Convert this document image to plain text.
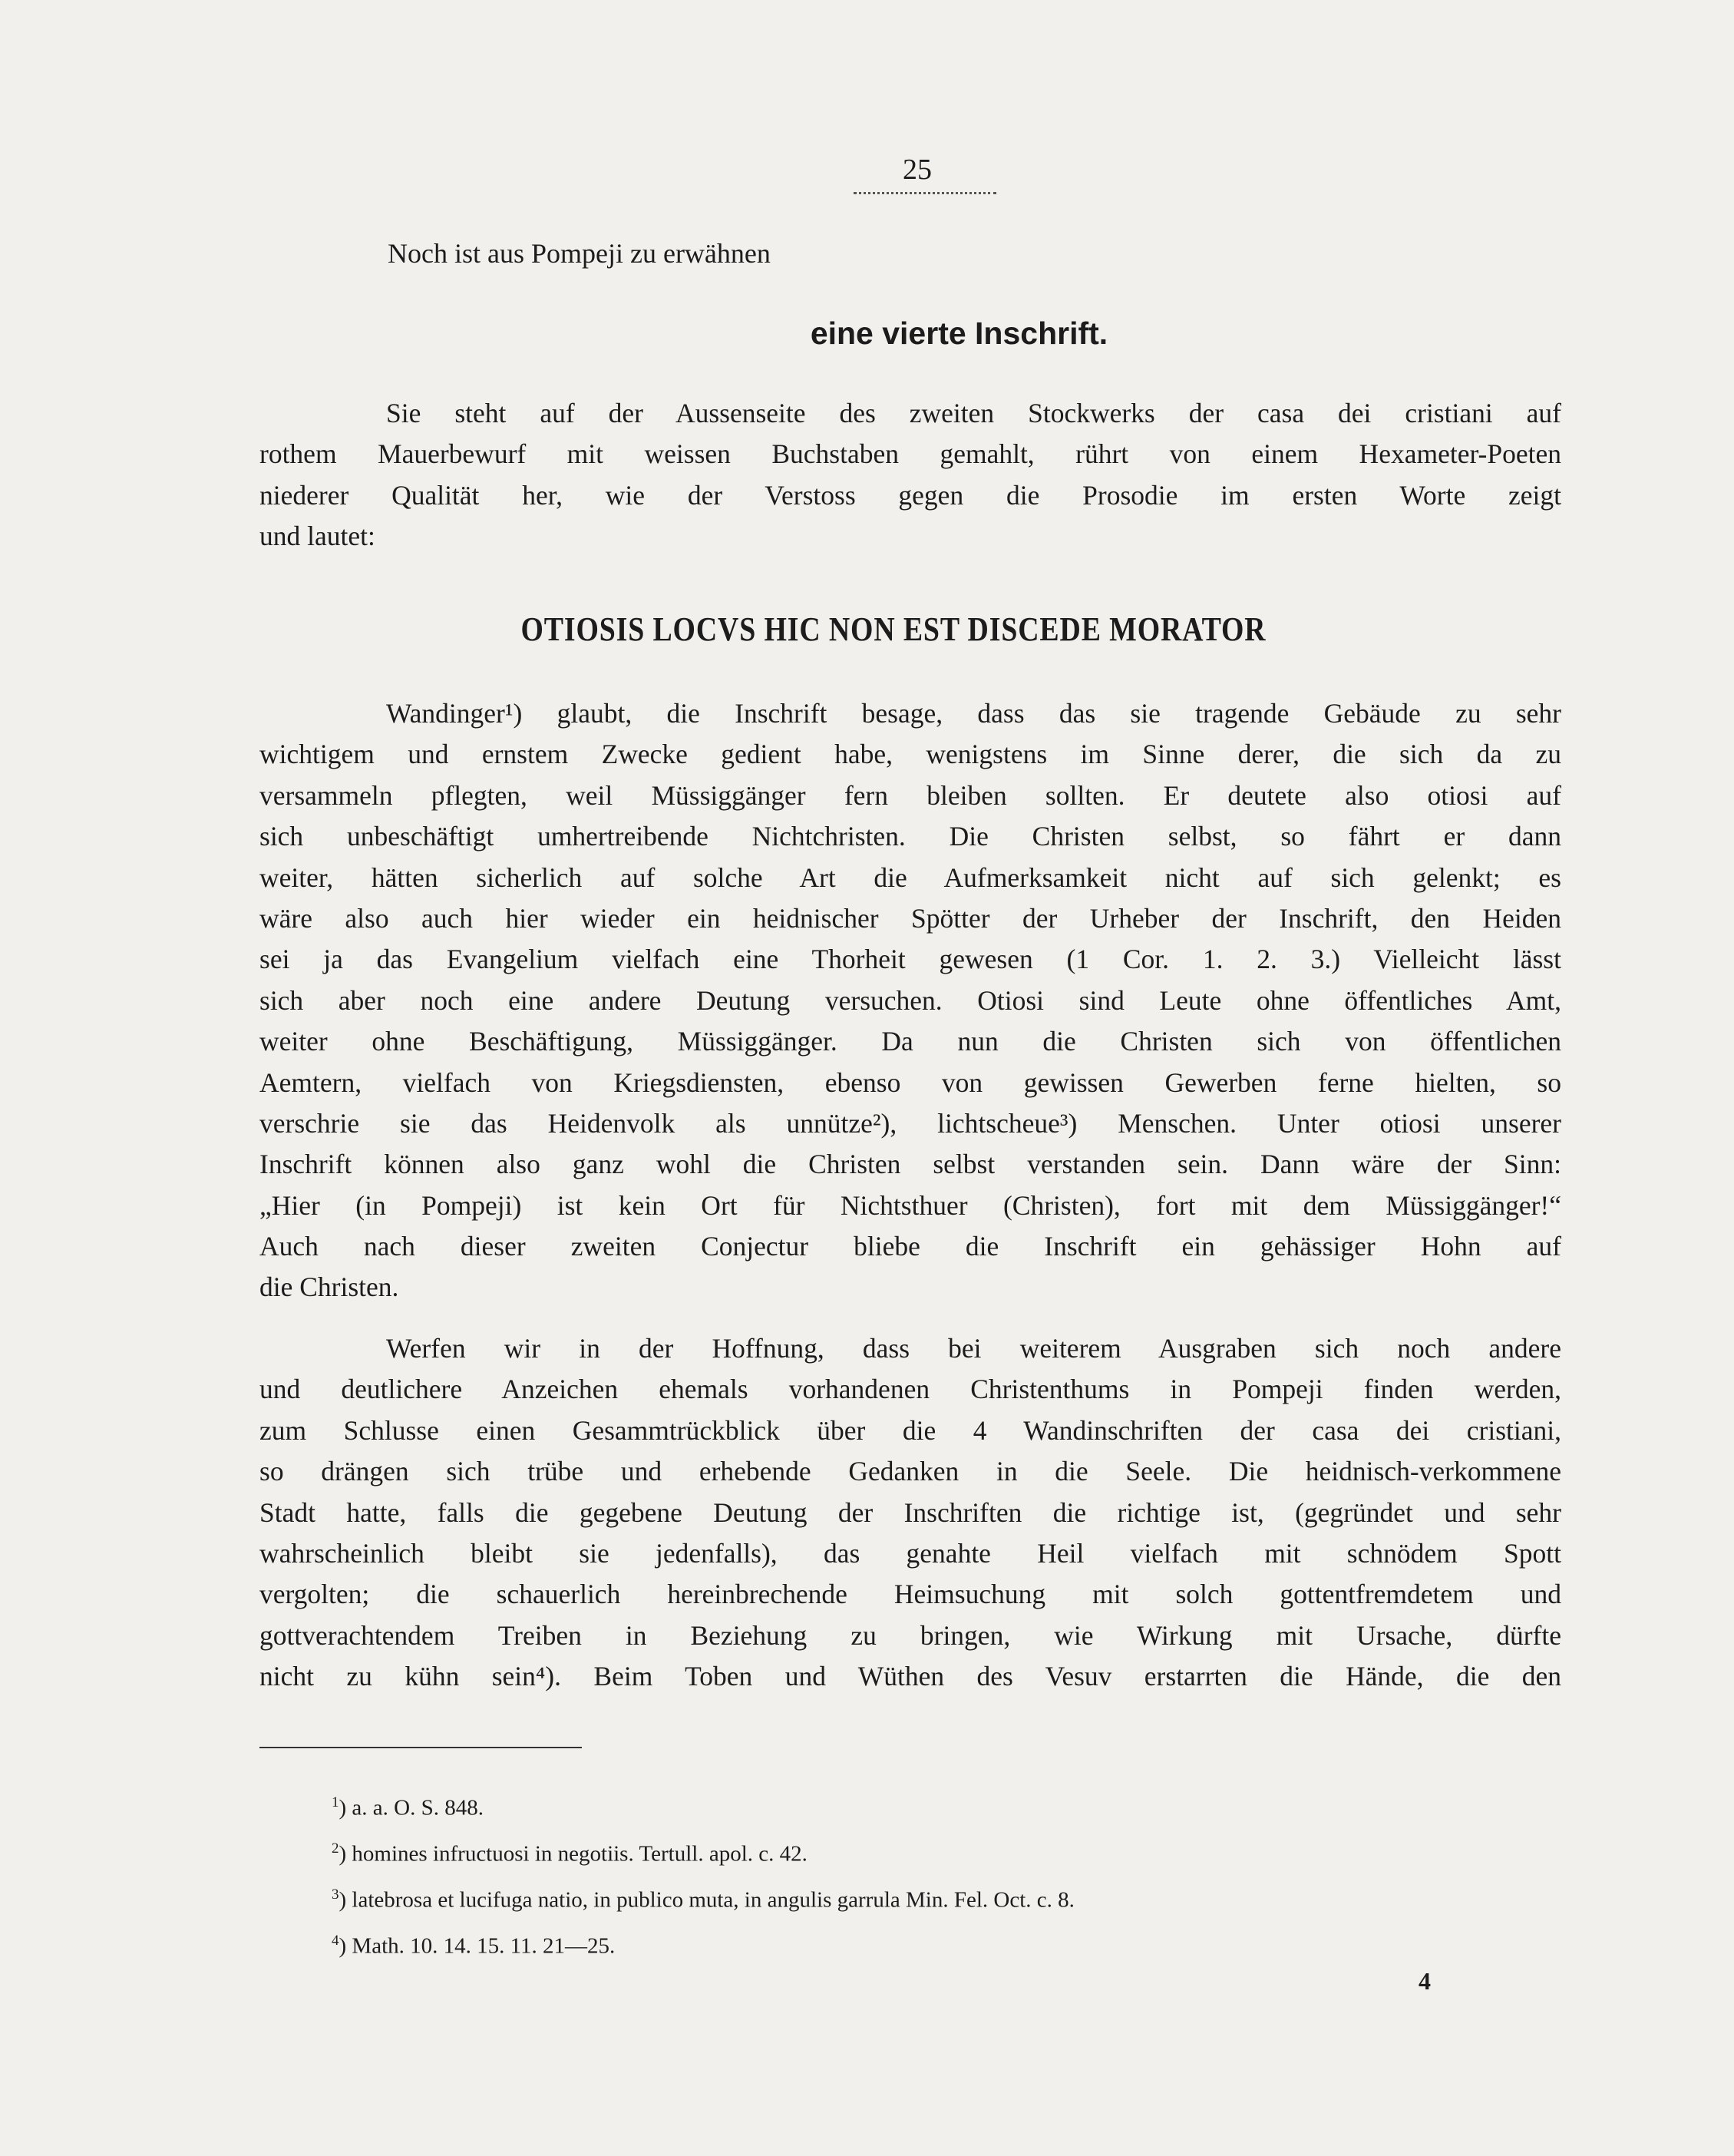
25
Noch ist aus Pompeji zu erwähnen
eine vierte Inschrift.
Sie steht auf der Aussenseite des zweiten Stockwerks der casa dei cristiani auf
rothem Mauerbewurf mit weissen Buchstaben gemahlt, rührt von einem Hexameter-Poeten
niederer Qualität her, wie der Verstoss gegen die Prosodie im ersten Worte zeigt
und lautet:
OTIOSIS LOCVS HIC NON EST DISCEDE MORATOR
Wandinger¹) glaubt, die Inschrift besage, dass das sie tragende Gebäude zu sehr
wichtigem und ernstem Zwecke gedient habe, wenigstens im Sinne derer, die sich da zu
versammeln pflegten, weil Müssiggänger fern bleiben sollten. Er deutete also otiosi auf
sich unbeschäftigt umhertreibende Nichtchristen. Die Christen selbst, so fährt er dann
weiter, hätten sicherlich auf solche Art die Aufmerksamkeit nicht auf sich gelenkt; es
wäre also auch hier wieder ein heidnischer Spötter der Urheber der Inschrift, den Heiden
sei ja das Evangelium vielfach eine Thorheit gewesen (1 Cor. 1. 2. 3.) Vielleicht lässt
sich aber noch eine andere Deutung versuchen. Otiosi sind Leute ohne öffentliches Amt,
weiter ohne Beschäftigung, Müssiggänger. Da nun die Christen sich von öffentlichen
Aemtern, vielfach von Kriegsdiensten, ebenso von gewissen Gewerben ferne hielten, so
verschrie sie das Heidenvolk als unnütze²), lichtscheue³) Menschen. Unter otiosi unserer
Inschrift können also ganz wohl die Christen selbst verstanden sein. Dann wäre der Sinn:
„Hier (in Pompeji) ist kein Ort für Nichtsthuer (Christen), fort mit dem Müssiggänger!“
Auch nach dieser zweiten Conjectur bliebe die Inschrift ein gehässiger Hohn auf
die Christen.
Werfen wir in der Hoffnung, dass bei weiterem Ausgraben sich noch andere
und deutlichere Anzeichen ehemals vorhandenen Christenthums in Pompeji finden werden,
zum Schlusse einen Gesammtrückblick über die 4 Wandinschriften der casa dei cristiani,
so drängen sich trübe und erhebende Gedanken in die Seele. Die heidnisch-verkommene
Stadt hatte, falls die gegebene Deutung der Inschriften die richtige ist, (gegründet und sehr
wahrscheinlich bleibt sie jedenfalls), das genahte Heil vielfach mit schnödem Spott
vergolten; die schauerlich hereinbrechende Heimsuchung mit solch gottentfremdetem und
gottverachtendem Treiben in Beziehung zu bringen, wie Wirkung mit Ursache, dürfte
nicht zu kühn sein⁴). Beim Toben und Wüthen des Vesuv erstarrten die Hände, die den
$^1$) a. a. O. S. 848.
$^2$) homines infructuosi in negotiis. Tertull. apol. c. 42.
$^3$) latebrosa et lucifuga natio, in publico muta, in angulis garrula Min. Fel. Oct. c. 8.
$^4$) Math. 10. 14. 15. 11. 21—25.
4
